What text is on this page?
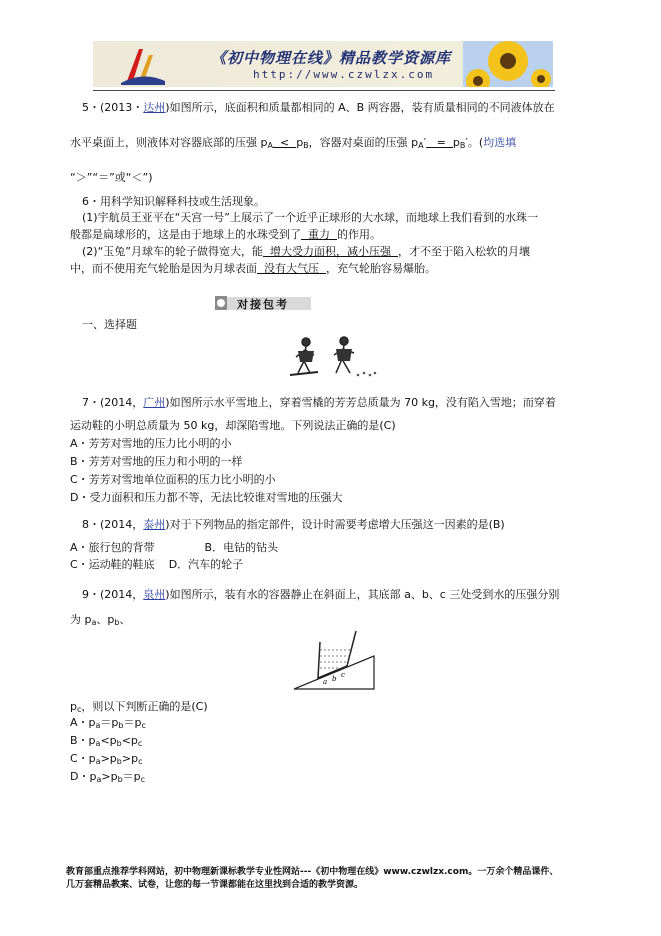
《初中物理在线》精品教学资源库
http://www.czwlzx.com
5・(2013・达州)如图所示，底面积和质量都相同的 A、B 两容器，装有质量相同的不同液体放在
水平桌面上，则液体对容器底部的压强 $p_A < p_B$，容器对桌面的压强 $p_A' = p_B'$。(均选填
“＞”“＝”或“＜”)
6・用科学知识解释科技或生活现象。
(1)宇航员王亚平在“天宫一号”上展示了一个近乎正球形的大水球，而地球上我们看到的水珠一
般都是扁球形的，这是由于地球上的水珠受到了 重力 的作用。
(2)“玉兔”月球车的轮子做得宽大，能 增大受力面积，减小压强 ，才不至于陷入松软的月壤
中，而不使用充气轮胎是因为月球表面 没有大气压 ，充气轮胎容易爆胎。
对接包考
一、选择题
7・(2014，广州)如图所示水平雪地上，穿着雪橇的芳芳总质量为 70 kg，没有陷入雪地；而穿着
运动鞋的小明总质量为 50 kg，却深陷雪地。下列说法正确的是(C)
A・芳芳对雪地的压力比小明的小
B・芳芳对雪地的压力和小明的一样
C・芳芳对雪地单位面积的压力比小明的小
D・受力面积和压力都不等，无法比较谁对雪地的压强大
8・(2014，泰州)对于下列物品的指定部件，设计时需要考虑增大压强这一因素的是(B)
A・旅行包的背带	B．电钻的钻头
C・运动鞋的鞋底 D．汽车的轮子
9・(2014，泉州)如图所示，装有水的容器静止在斜面上，其底部 a、b、c 三处受到水的压强分别
为 $p_a$、$p_b$、
a b c
$p_c$，则以下判断正确的是(C)
A・$p_a=p_b=p_c$
B・$p_a<p_b<p_c$
C・$p_a>p_b>p_c$
D・$p_a>p_b=p_c$
教育部重点推荐学科网站，初中物理新课标教学专业性网站---《初中物理在线》www.czwlzx.com。一万余个精品课件、
几万套精品教案、试卷，让您的每一节课都能在这里找到合适的教学资源。
